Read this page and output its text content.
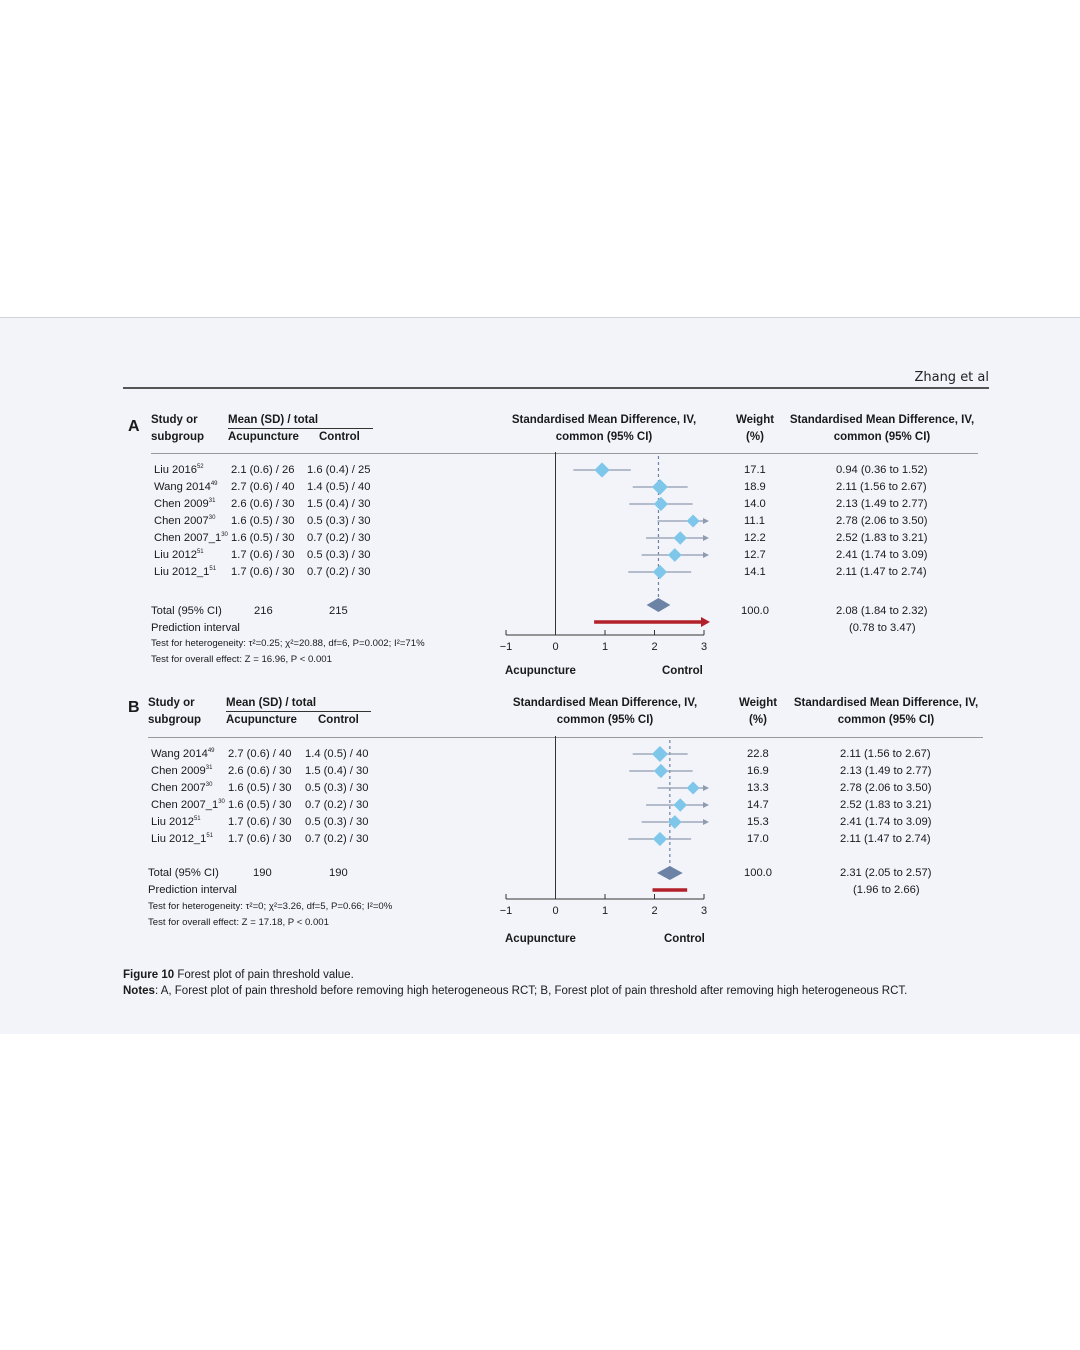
Zhang et al
A Study or
subgroup
Mean (SD) / total
Acupuncture Control
Standardised Mean Difference, IV,
common (95% CI)
Weight
(%)
Standardised Mean Difference, IV,
common (95% CI)
Total (95% CI)	216	215	100.0	2.08 (1.84 to 2.32)
Prediction interval	(0.78 to 3.47)
Test for heterogeneity: τ²=0.25; χ²=20.88, df=6, P=0.002; I²=71%
Test for overall effect: Z = 16.96, P < 0.001
−1	0	1	2	3
Acupuncture	Control
Liu 2016$^{52}$ 2.1 (0.6) / 26 1.6 (0.4) / 25	17.1	0.94 (0.36 to 1.52)
Wang 2014$^{49}$ 2.7 (0.6) / 40 1.4 (0.5) / 40	18.9	2.11 (1.56 to 2.67)
Chen 2009$^{31}$ 2.6 (0.6) / 30 1.5 (0.4) / 30	14.0	2.13 (1.49 to 2.77)
Chen 2007$^{30}$ 1.6 (0.5) / 30 0.5 (0.3) / 30	11.1	2.78 (2.06 to 3.50)
Chen $2007\_1^{30}$ 1.6 (0.5) / 30 0.7 (0.2) / 30	12.2	2.52 (1.83 to 3.21)
Liu 2012$^{51}$ 1.7 (0.6) / 30 0.5 (0.3) / 30	12.7	2.41 (1.74 to 3.09)
Liu $2012\_1^{51}$ 1.7 (0.6) / 30 0.7 (0.2) / 30	14.1	2.11 (1.47 to 2.74)
B Study or
subgroup
Mean (SD) / total
Acupuncture Control
Standardised Mean Difference, IV,
common (95% CI)
Weight
(%)
Standardised Mean Difference, IV,
common (95% CI)
Total (95% CI)	190	190	100.0	2.31 (2.05 to 2.57)
Prediction interval	(1.96 to 2.66)
Test for heterogeneity: τ²=0; χ²=3.26, df=5, P=0.66; I²=0%
Test for overall effect: Z = 17.18, P < 0.001
−1	0	1	2	3
Acupuncture	Control
Wang 2014$^{49}$ 2.7 (0.6) / 40 1.4 (0.5) / 40	22.8	2.11 (1.56 to 2.67)
Chen 2009$^{31}$ 2.6 (0.6) / 30 1.5 (0.4) / 30	16.9	2.13 (1.49 to 2.77)
Chen 2007$^{30}$ 1.6 (0.5) / 30 0.5 (0.3) / 30	13.3	2.78 (2.06 to 3.50)
Chen $2007\_1^{30}$ 1.6 (0.5) / 30 0.7 (0.2) / 30	14.7	2.52 (1.83 to 3.21)
Liu 2012$^{51}$ 1.7 (0.6) / 30 0.5 (0.3) / 30	15.3	2.41 (1.74 to 3.09)
Liu $2012\_1^{51}$ 1.7 (0.6) / 30 0.7 (0.2) / 30	17.0	2.11 (1.47 to 2.74)
Figure 10 Forest plot of pain threshold value.
Notes: A, Forest plot of pain threshold before removing high heterogeneous RCT; B, Forest plot of pain threshold after removing high heterogeneous RCT.
